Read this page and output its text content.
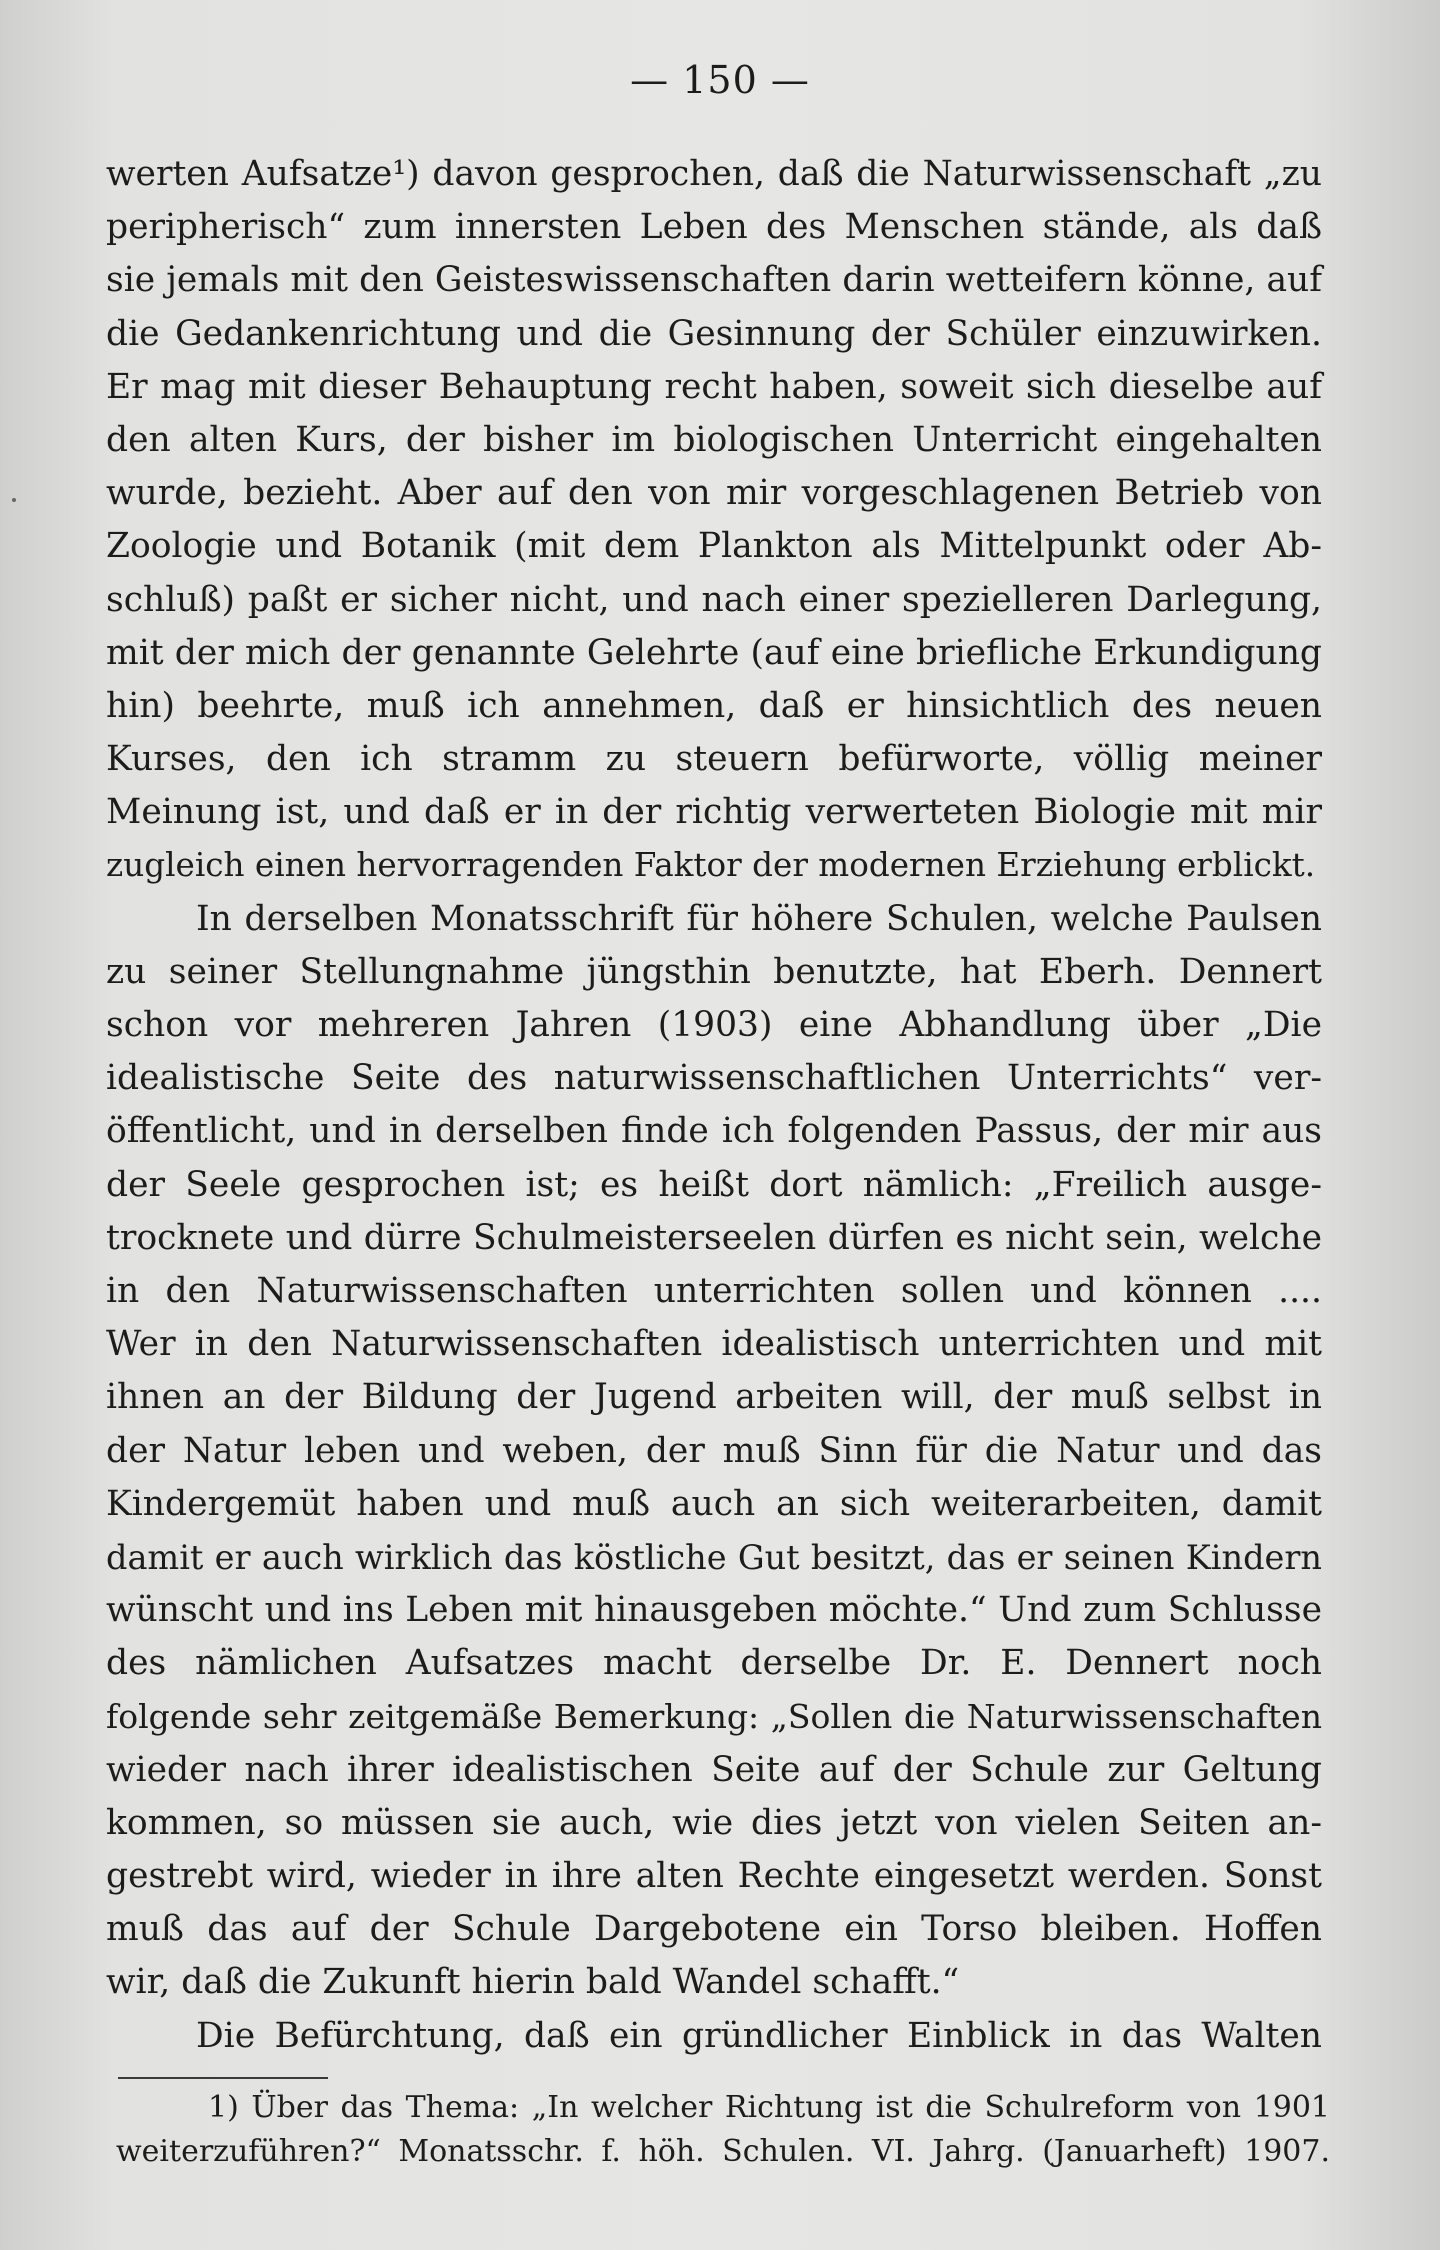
— 150 —
werten Aufsatze¹) davon gesprochen, daß die Naturwissenschaft „zu
peripherisch“ zum innersten Leben des Menschen stände, als daß
sie jemals mit den Geisteswissenschaften darin wetteifern könne, auf
die Gedankenrichtung und die Gesinnung der Schüler einzuwirken.
Er mag mit dieser Behauptung recht haben, soweit sich dieselbe auf
den alten Kurs, der bisher im biologischen Unterricht eingehalten
wurde, bezieht. Aber auf den von mir vorgeschlagenen Betrieb von
Zoologie und Botanik (mit dem Plankton als Mittelpunkt oder Ab-
schluß) paßt er sicher nicht, und nach einer spezielleren Darlegung,
mit der mich der genannte Gelehrte (auf eine briefliche Erkundigung
hin) beehrte, muß ich annehmen, daß er hinsichtlich des neuen
Kurses, den ich stramm zu steuern befürworte, völlig meiner
Meinung ist, und daß er in der richtig verwerteten Biologie mit mir
zugleich einen hervorragenden Faktor der modernen Erziehung erblickt.
In derselben Monatsschrift für höhere Schulen, welche Paulsen
zu seiner Stellungnahme jüngsthin benutzte, hat Eberh. Dennert
schon vor mehreren Jahren (1903) eine Abhandlung über „Die
idealistische Seite des naturwissenschaftlichen Unterrichts“ ver-
öffentlicht, und in derselben finde ich folgenden Passus, der mir aus
der Seele gesprochen ist; es heißt dort nämlich: „Freilich ausge-
trocknete und dürre Schulmeisterseelen dürfen es nicht sein, welche
in den Naturwissenschaften unterrichten sollen und können ....
Wer in den Naturwissenschaften idealistisch unterrichten und mit
ihnen an der Bildung der Jugend arbeiten will, der muß selbst in
der Natur leben und weben, der muß Sinn für die Natur und das
Kindergemüt haben und muß auch an sich weiterarbeiten, damit
damit er auch wirklich das köstliche Gut besitzt, das er seinen Kindern
wünscht und ins Leben mit hinausgeben möchte.“ Und zum Schlusse
des nämlichen Aufsatzes macht derselbe Dr. E. Dennert noch
folgende sehr zeitgemäße Bemerkung: „Sollen die Naturwissenschaften
wieder nach ihrer idealistischen Seite auf der Schule zur Geltung
kommen, so müssen sie auch, wie dies jetzt von vielen Seiten an-
gestrebt wird, wieder in ihre alten Rechte eingesetzt werden. Sonst
muß das auf der Schule Dargebotene ein Torso bleiben. Hoffen
wir, daß die Zukunft hierin bald Wandel schafft.“
Die Befürchtung, daß ein gründlicher Einblick in das Walten
1) Über das Thema: „In welcher Richtung ist die Schulreform von 1901
weiterzuführen?“ Monatsschr. f. höh. Schulen. VI. Jahrg. (Januarheft) 1907.
